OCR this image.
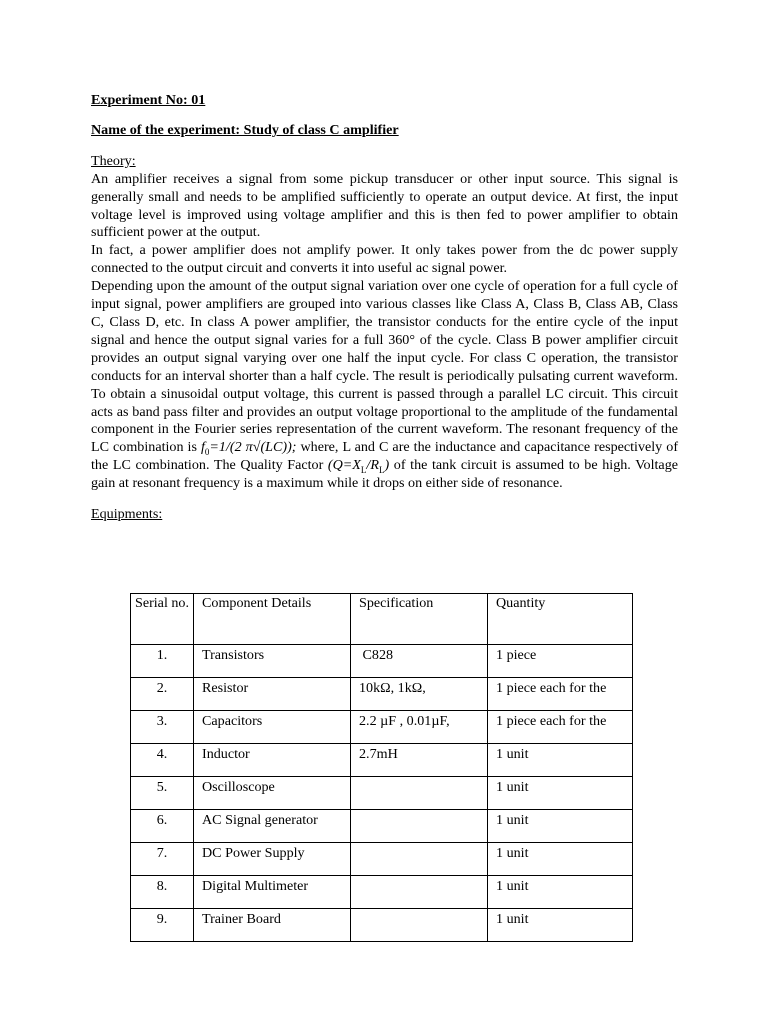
Experiment No: 01
Name of the experiment: Study of class C amplifier
Theory:

An amplifier receives a signal from some pickup transducer or other input source. This signal is generally small and needs to be amplified sufficiently to operate an output device. At first, the input voltage level is improved using voltage amplifier and this is then fed to power amplifier to obtain sufficient power at the output.

In fact, a power amplifier does not amplify power. It only takes power from the dc power supply connected to the output circuit and converts it into useful ac signal power.

Depending upon the amount of the output signal variation over one cycle of operation for a full cycle of input signal, power amplifiers are grouped into various classes like Class A, Class B, Class AB, Class C, Class D, etc. In class A power amplifier, the transistor conducts for the entire cycle of the input signal and hence the output signal varies for a full 360° of the cycle. Class B power amplifier circuit provides an output signal varying over one half the input cycle. For class C operation, the transistor conducts for an interval shorter than a half cycle. The result is periodically pulsating current waveform. To obtain a sinusoidal output voltage, this current is passed through a parallel LC circuit. This circuit acts as band pass filter and provides an output voltage proportional to the amplitude of the fundamental component in the Fourier series representation of the current waveform. The resonant frequency of the LC combination is $f_0=1/(2$ π√(LC)); where, L and C are the inductance and capacitance respectively of the LC combination. The Quality Factor $(Q=X_L/R_L)$ of the tank circuit is assumed to be high. Voltage gain at resonant frequency is a maximum while it drops on either side of resonance.

Equipments:
Serial no.	Component Details	Specification	Quantity
1.	Transistors	C828	1 piece
2.	Resistor	10kΩ, 1kΩ,	1 piece each for the
3.	Capacitors	2.2 µF , 0.01µF,	1 piece each for the
4.	Inductor	2.7mH	1 unit
5.	Oscilloscope		1 unit
6.	AC Signal generator		1 unit
7.	DC Power Supply		1 unit
8.	Digital Multimeter		1 unit
9.	Trainer Board		1 unit
